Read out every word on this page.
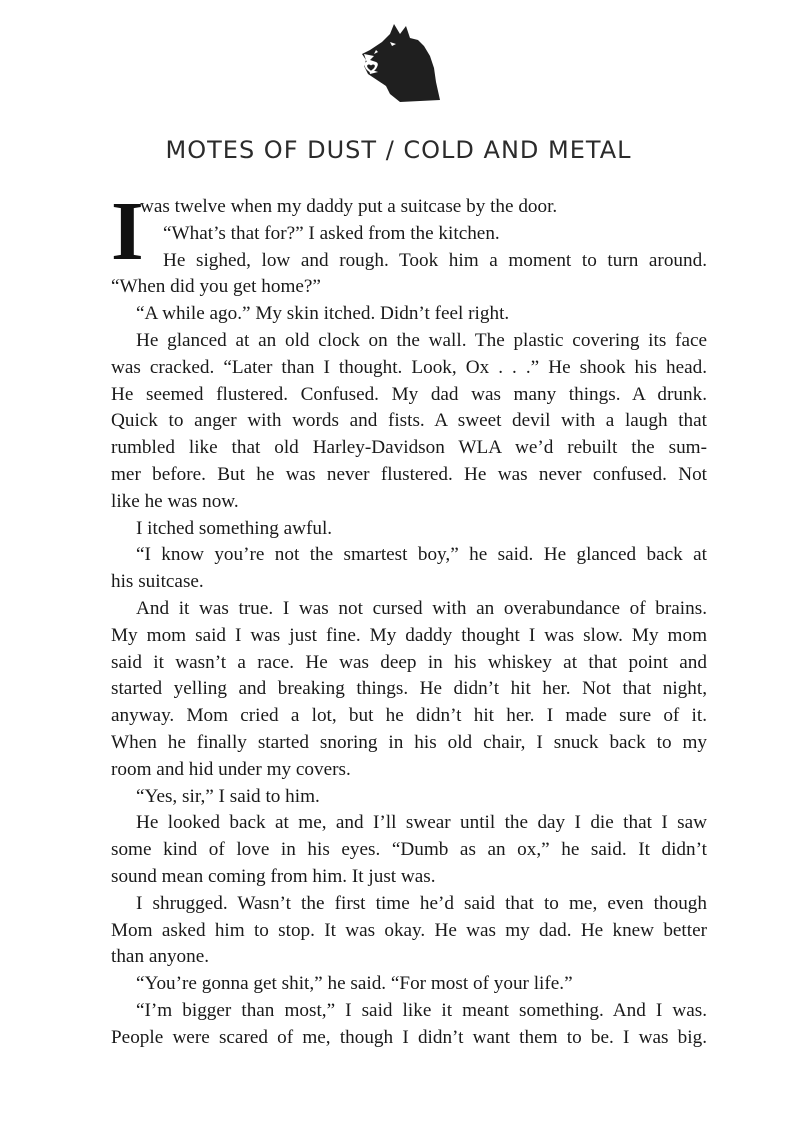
MOTES OF DUST / COLD AND METAL
I
was twelve when my daddy put a suitcase by the door.
“What’s that for?” I asked from the kitchen.
He sighed, low and rough. Took him a moment to turn around.
“When did you get home?”

“A while ago.” My skin itched. Didn’t feel right.

He glanced at an old clock on the wall. The plastic covering its face
was cracked. “Later than I thought. Look, Ox . . .” He shook his head.
He seemed flustered. Confused. My dad was many things. A drunk.
Quick to anger with words and fists. A sweet devil with a laugh that
rumbled like that old Harley-Davidson WLA we’d rebuilt the sum-
mer before. But he was never flustered. He was never confused. Not
like he was now.
I itched something awful.
“I know you’re not the smartest boy,” he said. He glanced back at
his suitcase.
And it was true. I was not cursed with an overabundance of brains.
My mom said I was just fine. My daddy thought I was slow. My mom
said it wasn’t a race. He was deep in his whiskey at that point and
started yelling and breaking things. He didn’t hit her. Not that night,
anyway. Mom cried a lot, but he didn’t hit her. I made sure of it.
When he finally started snoring in his old chair, I snuck back to my
room and hid under my covers.
“Yes, sir,” I said to him.
He looked back at me, and I’ll swear until the day I die that I saw
some kind of love in his eyes. “Dumb as an ox,” he said. It didn’t
sound mean coming from him. It just was.
I shrugged. Wasn’t the first time he’d said that to me, even though
Mom asked him to stop. It was okay. He was my dad. He knew better
than anyone.
“You’re gonna get shit,” he said. “For most of your life.”
“I’m bigger than most,” I said like it meant something. And I was.
People were scared of me, though I didn’t want them to be. I was big.
